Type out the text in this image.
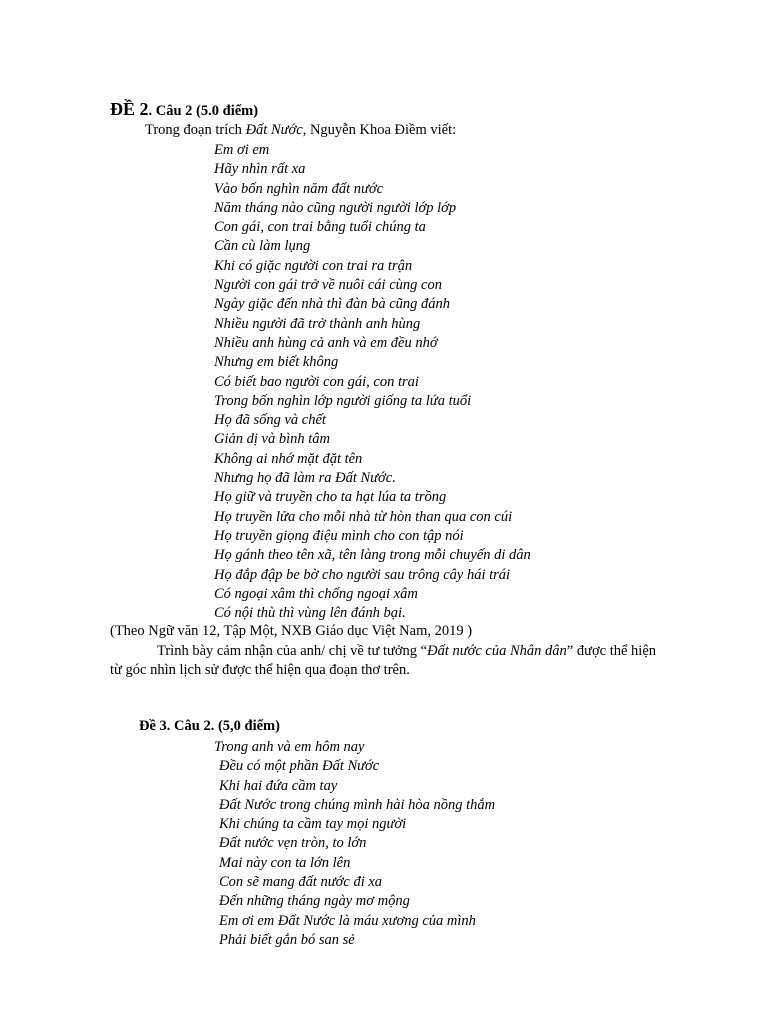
ĐỀ 2. Câu 2 (5.0 điểm)
Trong đoạn trích Đất Nước, Nguyễn Khoa Điềm viết:
Em ơi em
Hãy nhìn rất xa
Vào bốn nghìn năm đất nước
Năm tháng nào cũng người người lớp lớp
Con gái, con trai bằng tuổi chúng ta
Cần cù làm lụng
Khi có giặc người con trai ra trận
Người con gái trở về nuôi cái cùng con
Ngày giặc đến nhà thì đàn bà cũng đánh
Nhiều người đã trở thành anh hùng
Nhiều anh hùng cả anh và em đều nhớ
Nhưng em biết không
Có biết bao người con gái, con trai
Trong bốn nghìn lớp người giống ta lứa tuổi
Họ đã sống và chết
Giản dị và bình tâm
Không ai nhớ mặt đặt tên
Nhưng họ đã làm ra Đất Nước.
Họ giữ và truyền cho ta hạt lúa ta trồng
Họ truyền lửa cho mỗi nhà từ hòn than qua con cúi
Họ truyền giọng điệu mình cho con tập nói
Họ gánh theo tên xã, tên làng trong mỗi chuyến di dân
Họ đắp đập be bờ cho người sau trông cây hái trái
Có ngoại xâm thì chống ngoại xâm
Có nội thù thì vùng lên đánh bại.
(Theo Ngữ văn 12, Tập Một, NXB Giáo dục Việt Nam, 2019 )
Trình bày cảm nhận của anh/ chị về tư tưởng “Đất nước của Nhân dân” được thể hiện
từ góc nhìn lịch sử được thể hiện qua đoạn thơ trên.
Đề 3. Câu 2. (5,0 điểm)
Trong anh và em hôm nay
Đều có một phần Đất Nước
Khi hai đứa cầm tay
Đất Nước trong chúng mình hài hòa nồng thắm
Khi chúng ta cầm tay mọi người
Đất nước vẹn tròn, to lớn
Mai này con ta lớn lên
Con sẽ mang đất nước đi xa
Đến những tháng ngày mơ mộng
Em ơi em Đất Nước là máu xương của mình
Phải biết gắn bó san sẻ
